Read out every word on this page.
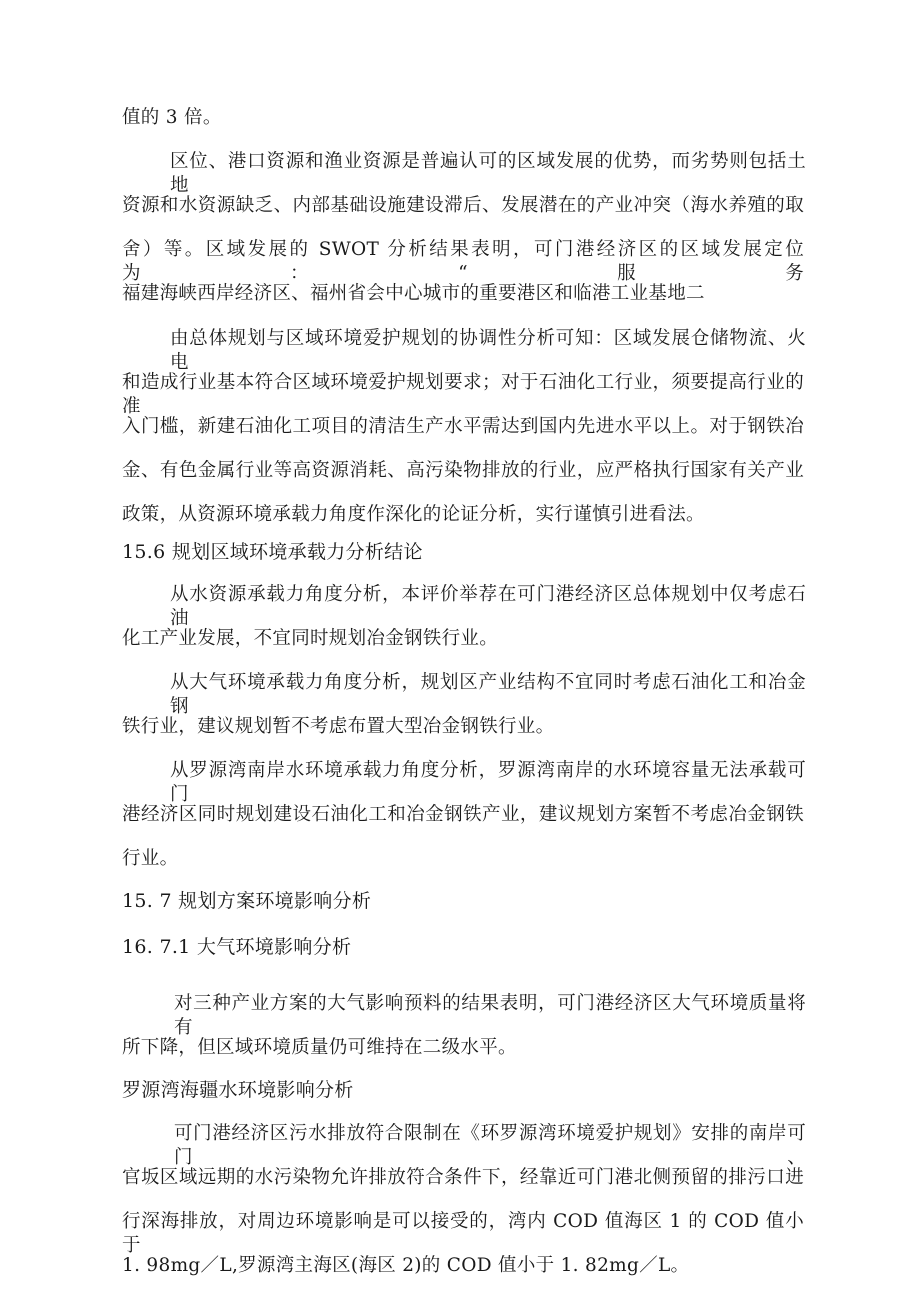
值的 3 倍。
区位、港口资源和渔业资源是普遍认可的区域发展的优势，而劣势则包括土地
资源和水资源缺乏、内部基础设施建设滞后、发展潜在的产业冲突（海水养殖的取
舍）等。区域发展的 SWOT 分析结果表明，可门港经济区的区域发展定位为：“服务
福建海峡西岸经济区、福州省会中心城市的重要港区和临港工业基地二
由总体规划与区域环境爱护规划的协调性分析可知：区域发展仓储物流、火电
和造成行业基本符合区域环境爱护规划要求；对于石油化工行业，须要提高行业的准
入门槛，新建石油化工项目的清洁生产水平需达到国内先进水平以上。对于钢铁冶
金、有色金属行业等高资源消耗、高污染物排放的行业，应严格执行国家有关产业
政策，从资源环境承载力角度作深化的论证分析，实行谨慎引进看法。
15.6 规划区域环境承载力分析结论
从水资源承载力角度分析，本评价举荐在可门港经济区总体规划中仅考虑石油
化工产业发展，不宜同时规划冶金钢铁行业。
从大气环境承载力角度分析，规划区产业结构不宜同时考虑石油化工和冶金钢
铁行业，建议规划暂不考虑布置大型冶金钢铁行业。
从罗源湾南岸水环境承载力角度分析，罗源湾南岸的水环境容量无法承载可门
港经济区同时规划建设石油化工和冶金钢铁产业，建议规划方案暂不考虑冶金钢铁
行业。
15. 7 规划方案环境影响分析
16. 7.1 大气环境影响分析
对三种产业方案的大气影响预料的结果表明，可门港经济区大气环境质量将有
所下降，但区域环境质量仍可维持在二级水平。
罗源湾海疆水环境影响分析
可门港经济区污水排放符合限制在《环罗源湾环境爱护规划》安排的南岸可门、
官坂区域远期的水污染物允许排放符合条件下，经靠近可门港北侧预留的排污口进
行深海排放，对周边环境影响是可以接受的，湾内 COD 值海区 1 的 COD 值小于
1. 98mg／L,罗源湾主海区(海区 2)的 COD 值小于 1. 82mg／L。
